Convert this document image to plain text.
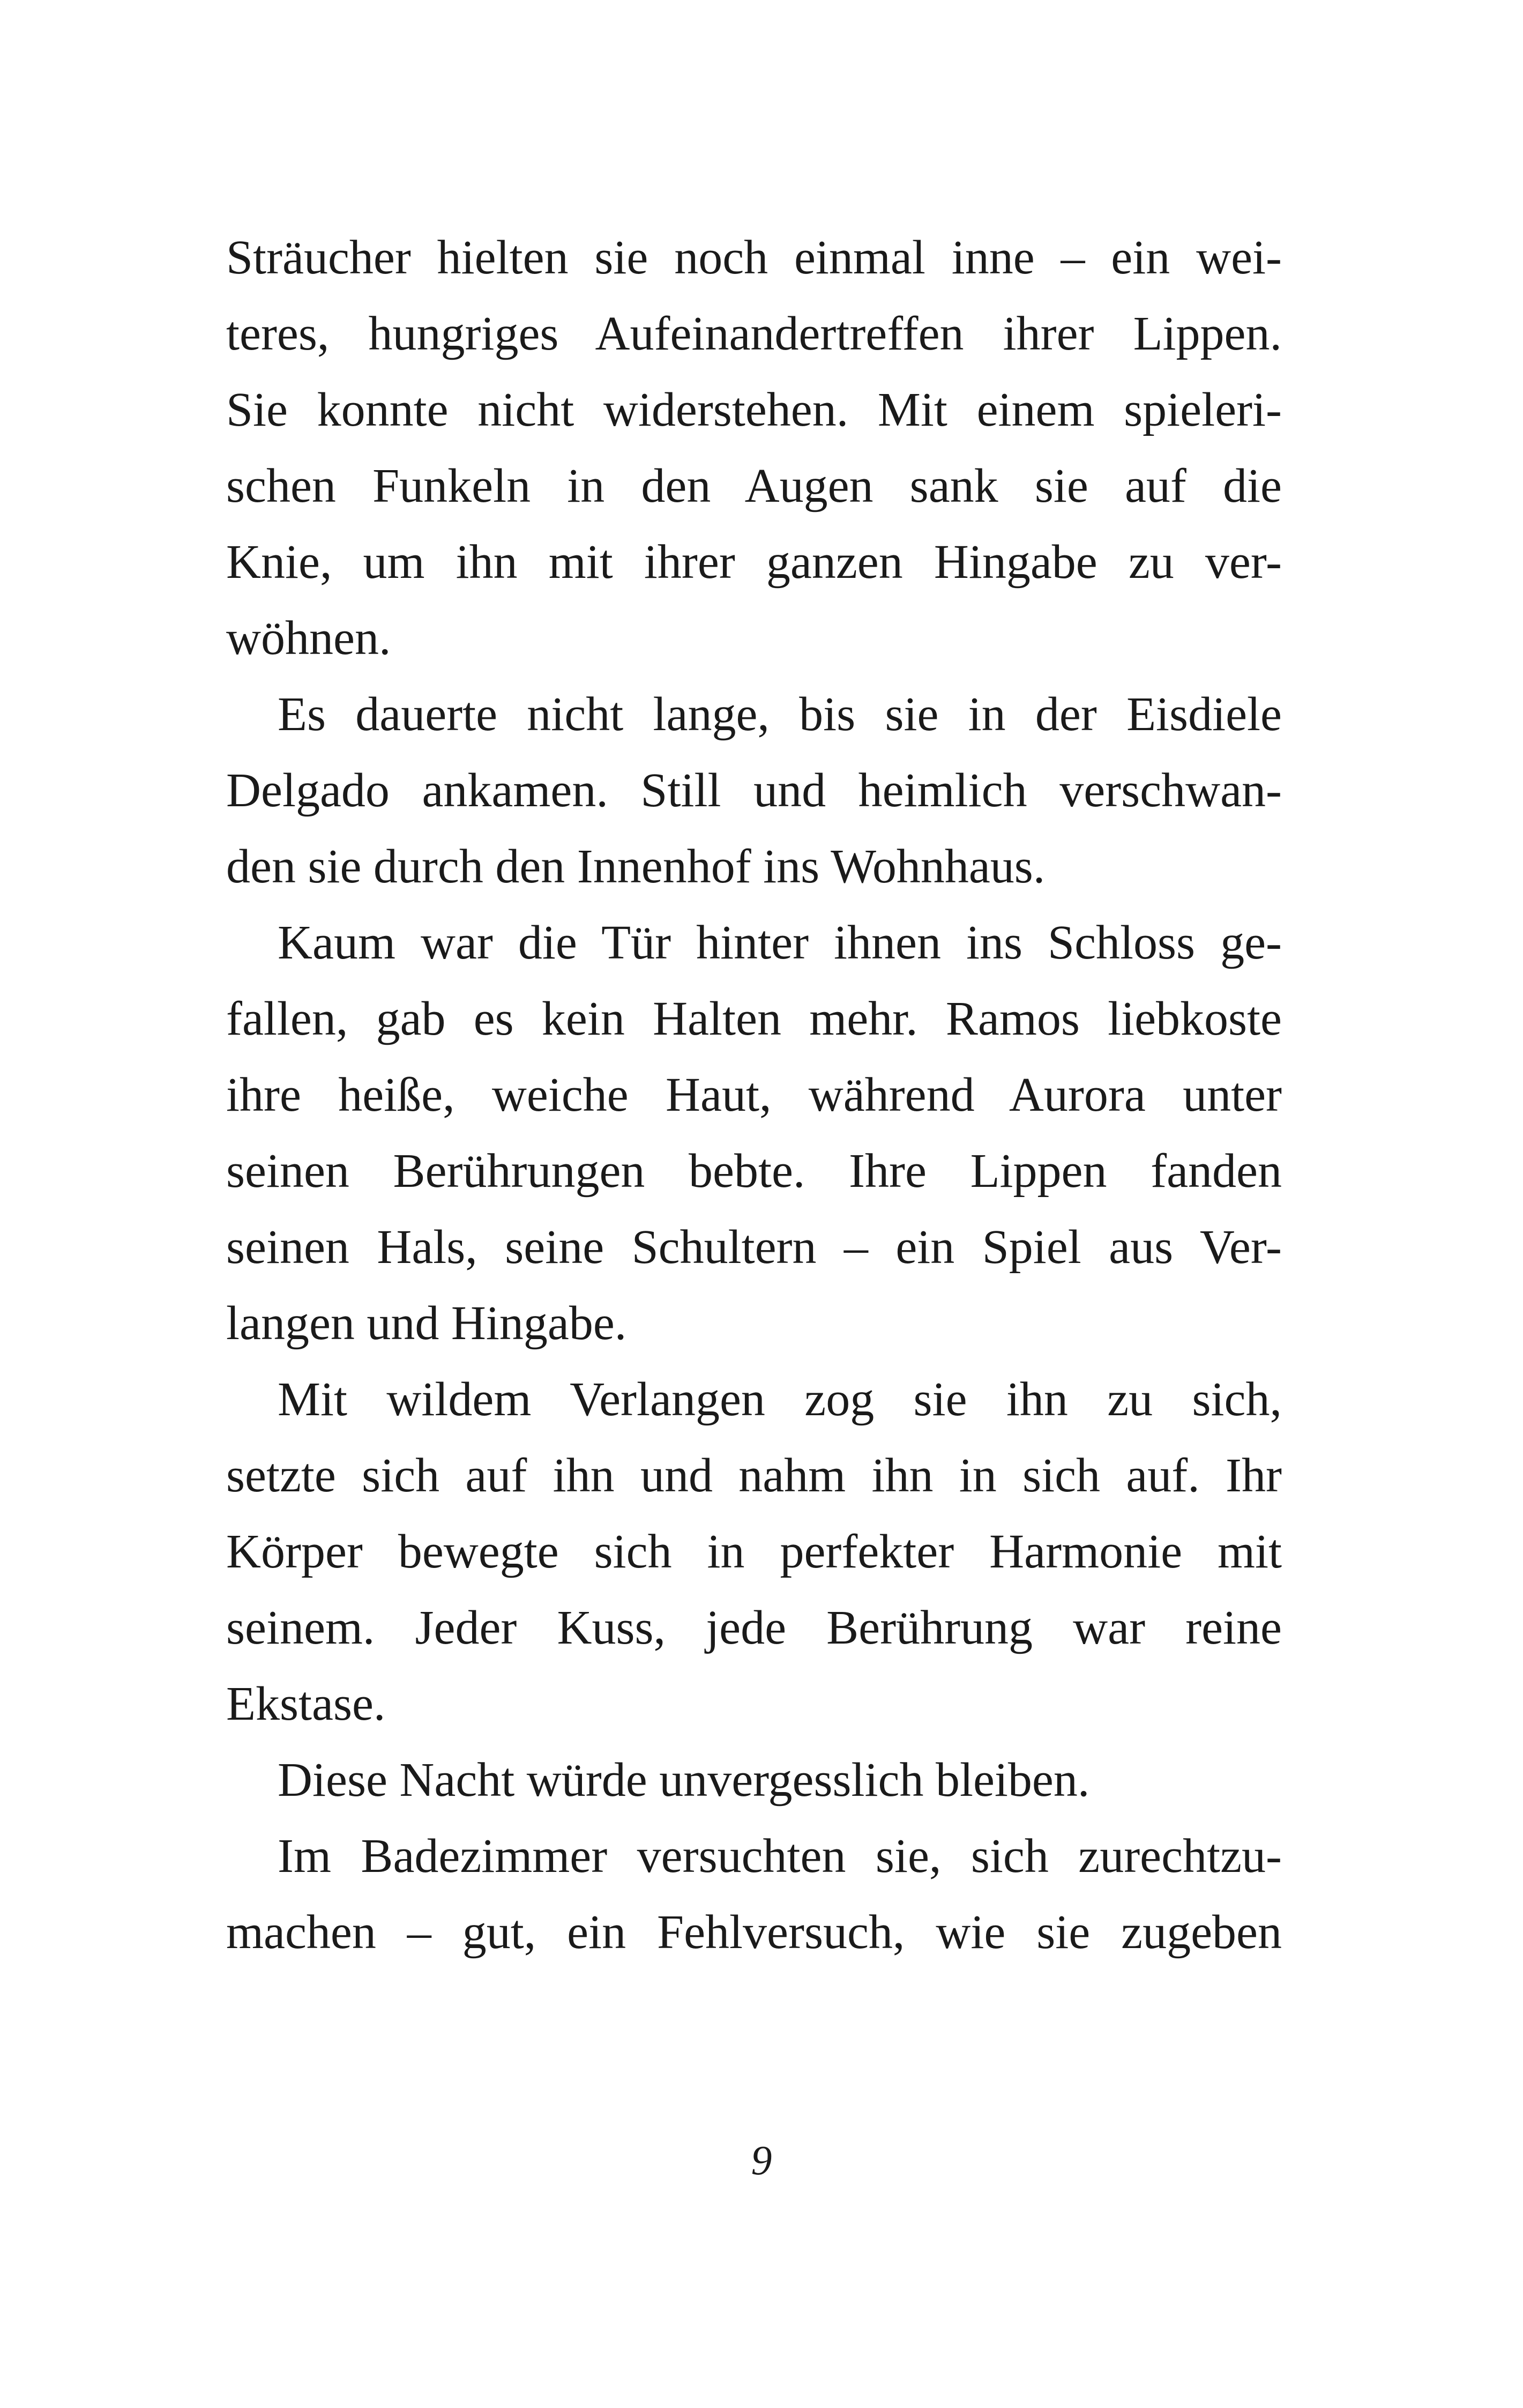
Sträucher hielten sie noch einmal inne – ein wei-
teres, hungriges Aufeinandertreffen ihrer Lippen.
Sie konnte nicht widerstehen. Mit einem spieleri-
schen Funkeln in den Augen sank sie auf die
Knie, um ihn mit ihrer ganzen Hingabe zu ver-
wöhnen.
Es dauerte nicht lange, bis sie in der Eisdiele
Delgado ankamen. Still und heimlich verschwan-
den sie durch den Innenhof ins Wohnhaus.
Kaum war die Tür hinter ihnen ins Schloss ge-
fallen, gab es kein Halten mehr. Ramos liebkoste
ihre heiße, weiche Haut, während Aurora unter
seinen Berührungen bebte. Ihre Lippen fanden
seinen Hals, seine Schultern – ein Spiel aus Ver-
langen und Hingabe.
Mit wildem Verlangen zog sie ihn zu sich,
setzte sich auf ihn und nahm ihn in sich auf. Ihr
Körper bewegte sich in perfekter Harmonie mit
seinem. Jeder Kuss, jede Berührung war reine
Ekstase.
Diese Nacht würde unvergesslich bleiben.
Im Badezimmer versuchten sie, sich zurechtzu-
machen – gut, ein Fehlversuch, wie sie zugeben
9
